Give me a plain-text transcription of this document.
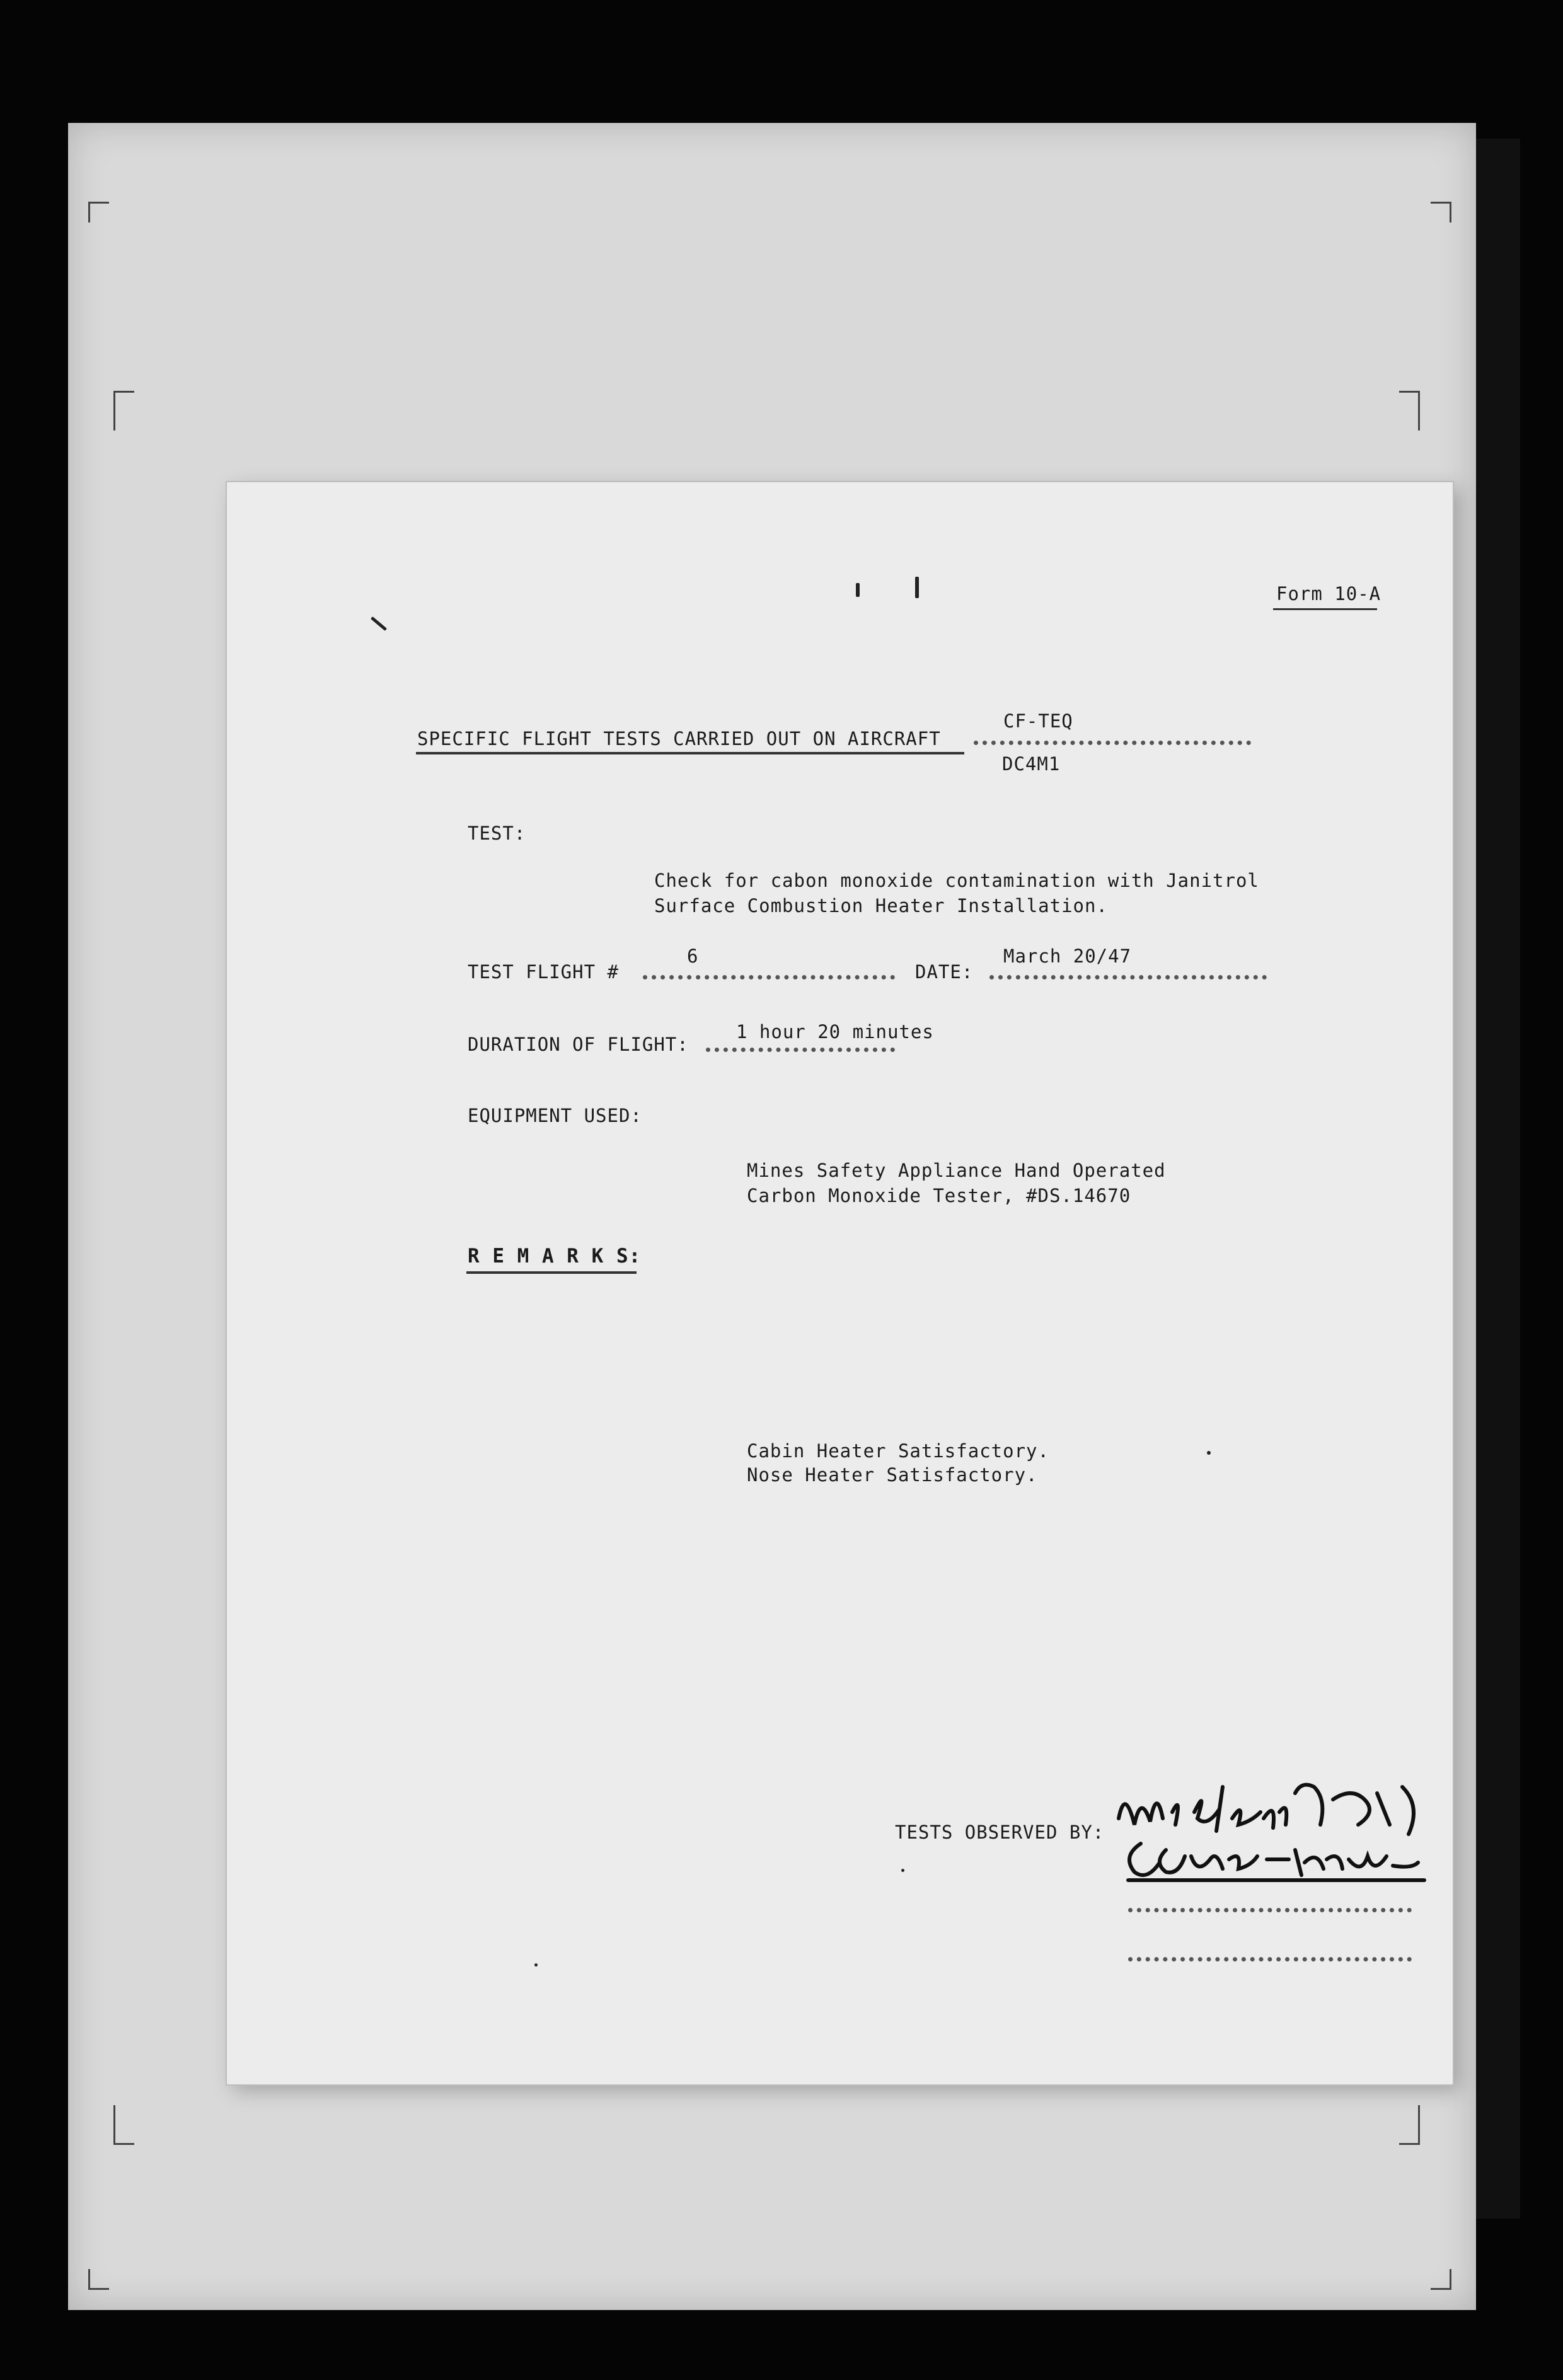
Form 10-A
SPECIFIC FLIGHT TESTS CARRIED OUT ON AIRCRAFT
CF-TEQ
DC4M1
TEST:
Check for cabon monoxide contamination with Janitrol
Surface Combustion Heater Installation.
TEST FLIGHT #
6
DATE:
March 20/47
DURATION OF FLIGHT:
1 hour 20 minutes
EQUIPMENT USED:
Mines Safety Appliance Hand Operated
Carbon Monoxide Tester, #DS.14670
R E M A R K S:
Cabin Heater Satisfactory.
Nose Heater Satisfactory.
TESTS OBSERVED BY:
